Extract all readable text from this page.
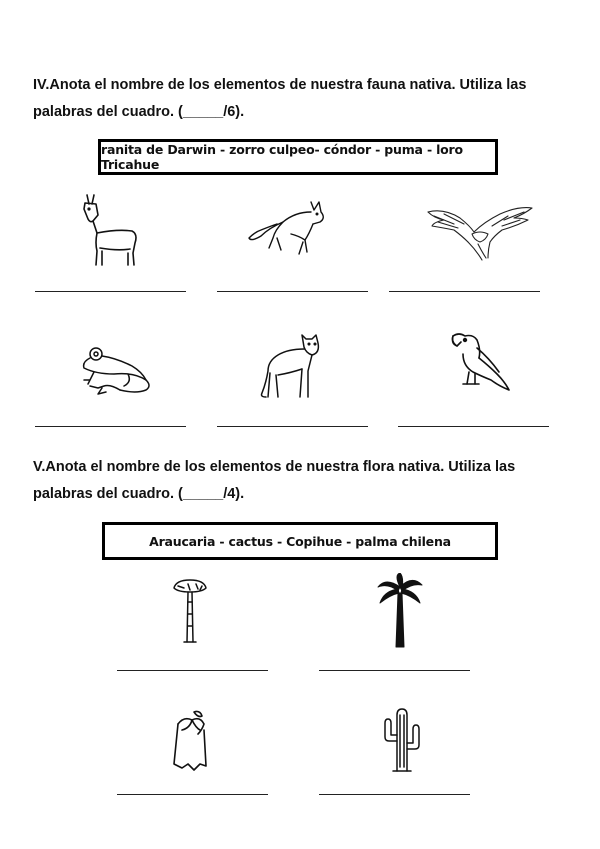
IV.Anota el nombre de los elementos de nuestra fauna nativa. Utiliza las
palabras del cuadro. (_____/6).

ranita de Darwin - zorro culpeo- cóndor - puma - loro Tricahue

V.Anota el nombre de los elementos de nuestra flora nativa. Utiliza las
palabras del cuadro. (_____/4).

Araucaria - cactus - Copihue - palma chilena
